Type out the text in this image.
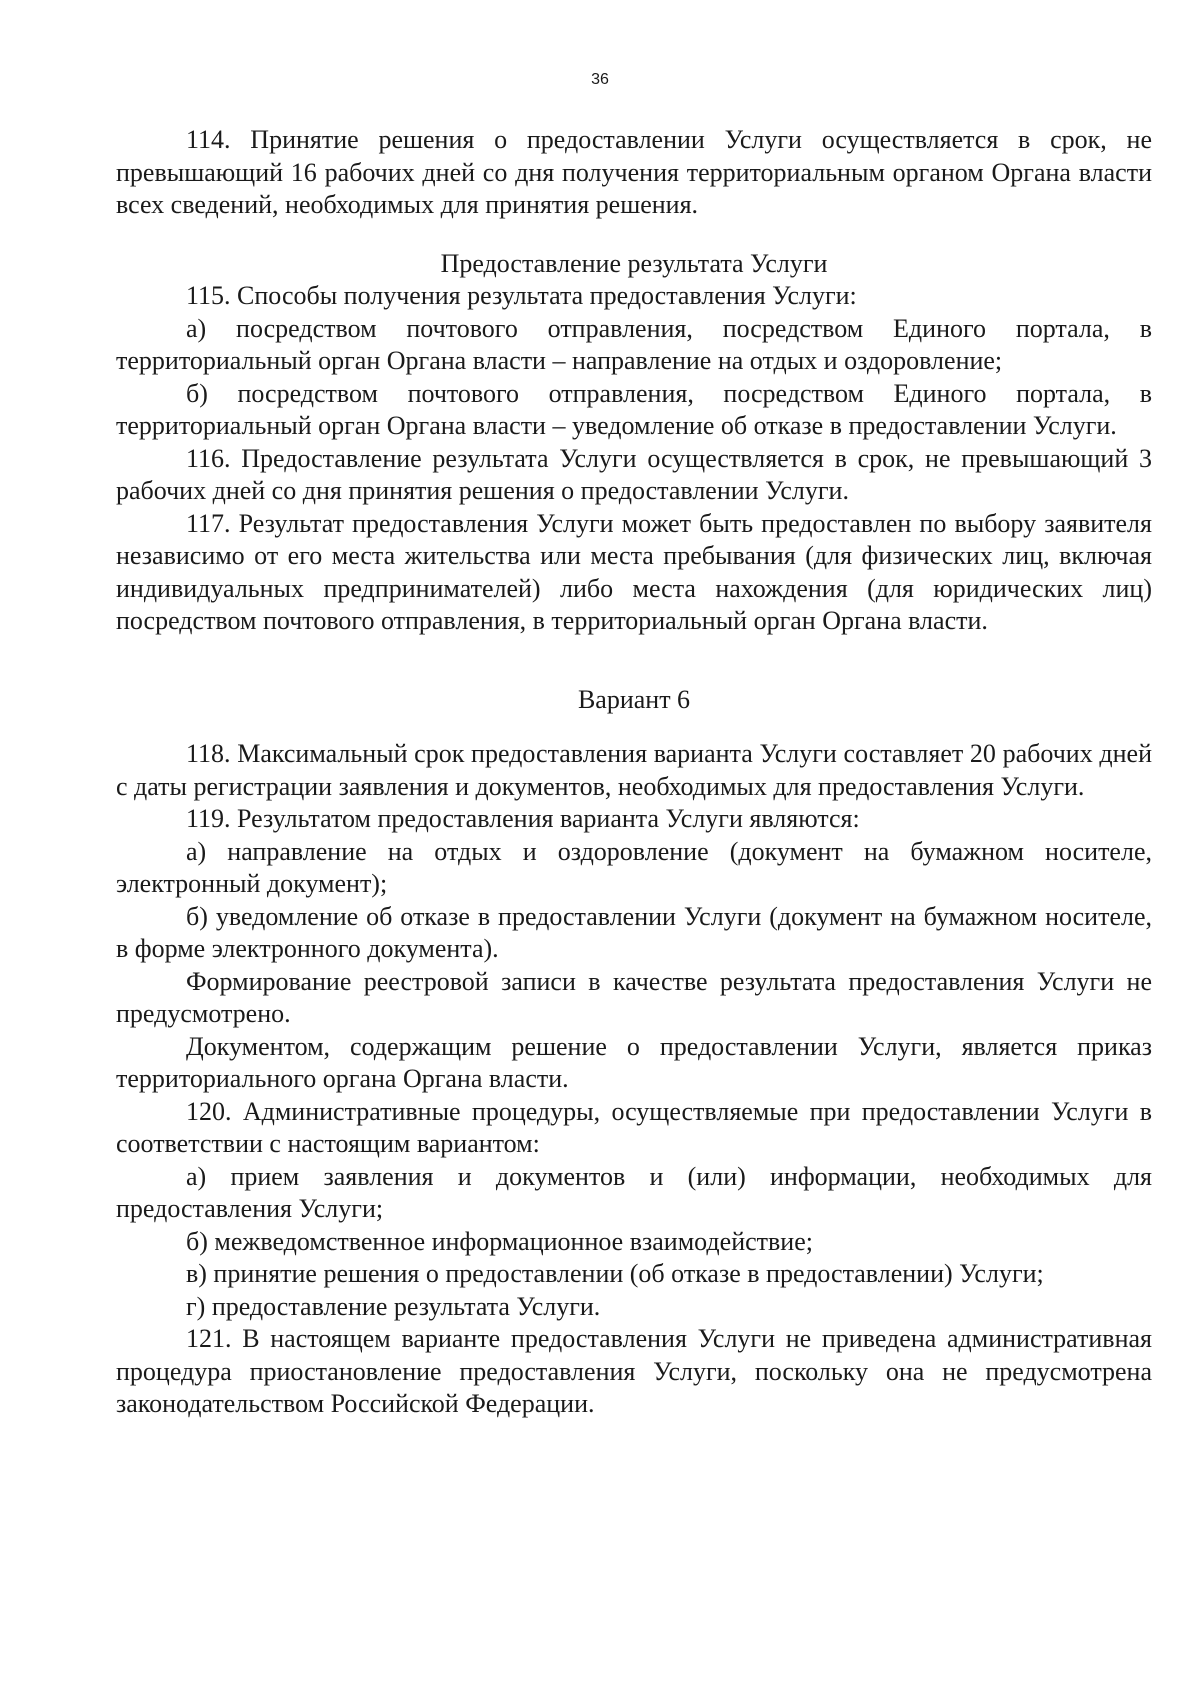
36

114. Принятие решения о предоставлении Услуги осуществляется в срок, не превышающий 16 рабочих дней со дня получения территориальным органом Органа власти всех сведений, необходимых для принятия решения.

Предоставление результата Услуги

115. Способы получения результата предоставления Услуги:

а) посредством почтового отправления, посредством Единого портала, в территориальный орган Органа власти – направление на отдых и оздоровление;

б) посредством почтового отправления, посредством Единого портала, в территориальный орган Органа власти – уведомление об отказе в предоставлении Услуги.

116. Предоставление результата Услуги осуществляется в срок, не превышающий 3 рабочих дней со дня принятия решения о предоставлении Услуги.

117. Результат предоставления Услуги может быть предоставлен по выбору заявителя независимо от его места жительства или места пребывания (для физических лиц, включая индивидуальных предпринимателей) либо места нахождения (для юридических лиц) посредством почтового отправления, в территориальный орган Органа власти.

Вариант 6

118. Максимальный срок предоставления варианта Услуги составляет 20 рабочих дней с даты регистрации заявления и документов, необходимых для предоставления Услуги.

119. Результатом предоставления варианта Услуги являются:

а) направление на отдых и оздоровление (документ на бумажном носителе, электронный документ);

б) уведомление об отказе в предоставлении Услуги (документ на бумажном носителе, в форме электронного документа).

Формирование реестровой записи в качестве результата предоставления Услуги не предусмотрено.

Документом, содержащим решение о предоставлении Услуги, является приказ территориального органа Органа власти.

120. Административные процедуры, осуществляемые при предоставлении Услуги в соответствии с настоящим вариантом:

а) прием заявления и документов и (или) информации, необходимых для предоставления Услуги;

б) межведомственное информационное взаимодействие;

в) принятие решения о предоставлении (об отказе в предоставлении) Услуги;

г) предоставление результата Услуги.

121. В настоящем варианте предоставления Услуги не приведена административная процедура приостановление предоставления Услуги, поскольку она не предусмотрена законодательством Российской Федерации.
